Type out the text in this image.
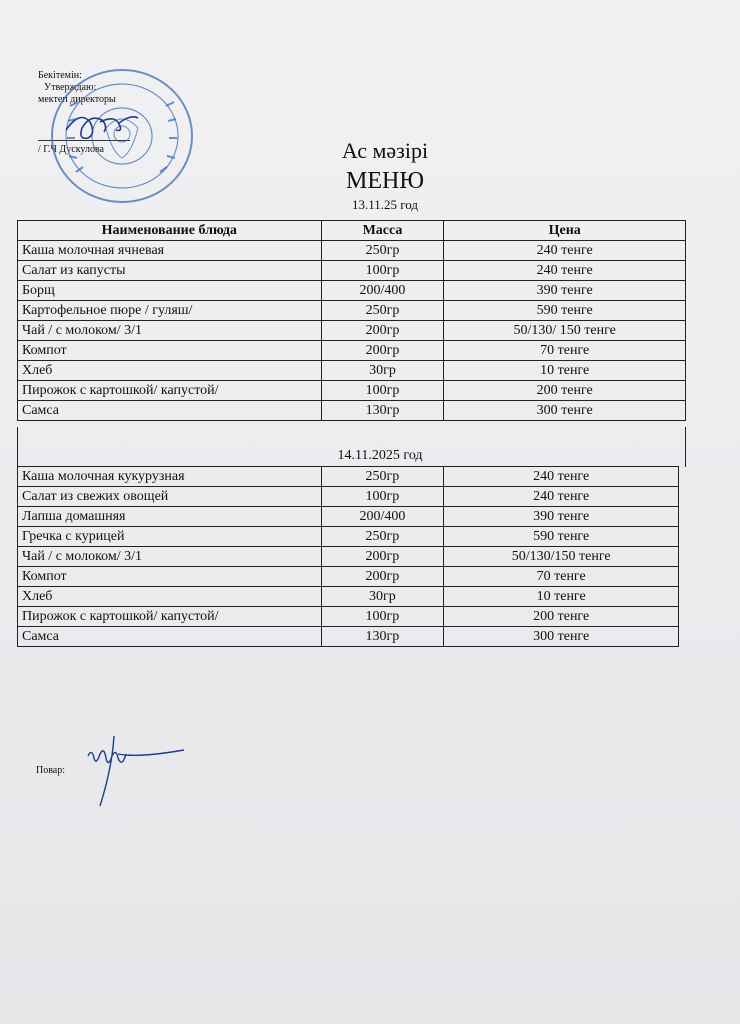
Бекітемін:
Утверждаю:
мектеп директоры
/ Г.Ч Дускулова	Ас мәзірі
МЕНЮ
13.11.25 год
Наименование блюда	Масса	Цена
Каша молочная ячневая	250гр	240 тенге
Салат из капусты	100гр	240 тенге
Борщ	200/400	390 тенге
Картофельное пюре / гуляш/	250гр	590 тенге
Чай / с молоком/ 3/1	200гр	50/130/ 150 тенге
Компот	200гр	70 тенге
Хлеб	30гр	10 тенге
Пирожок с картошкой/ капустой/	100гр	200 тенге
Самса	130гр	300 тенге
14.11.2025 год
Каша молочная кукурузная	250гр	240 тенге
Салат из свежих овощей	100гр	240 тенге
Лапша домашняя	200/400	390 тенге
Гречка с курицей	250гр	590 тенге
Чай / с молоком/ 3/1	200гр	50/130/150 тенге
Компот	200гр	70 тенге
Хлеб	30гр	10 тенге
Пирожок с картошкой/ капустой/	100гр	200 тенге
Самса	130гр	300 тенге
Повар:
